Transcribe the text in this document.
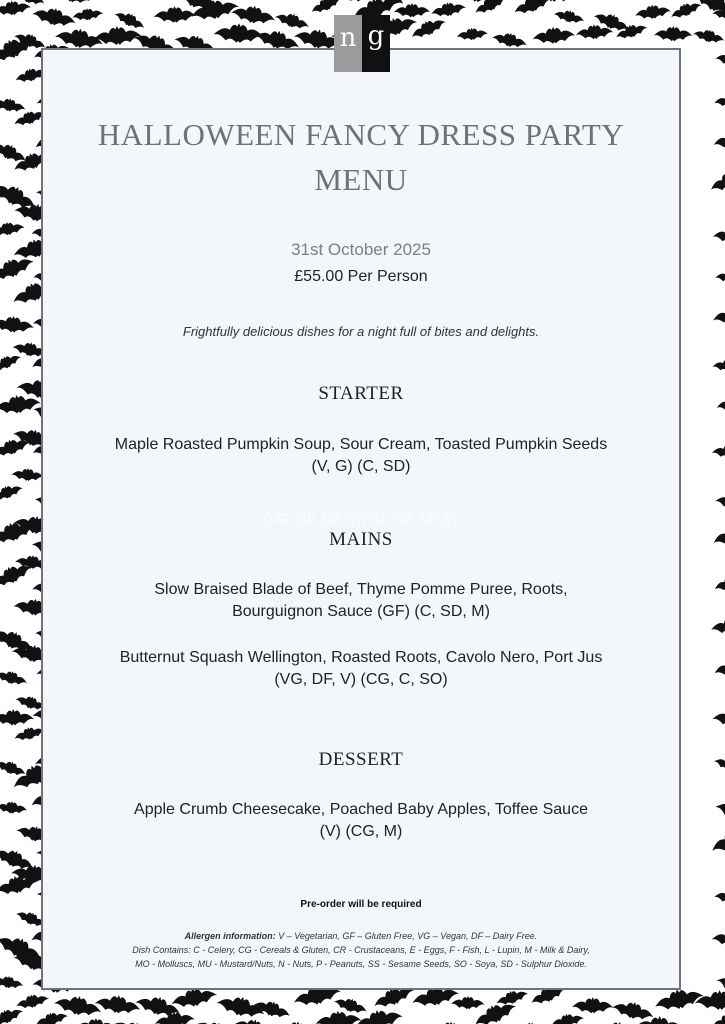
n g
HALLOWEEN FANCY DRESS PARTY
MENU
31st October 2025
£55.00 Per Person
Frightfully delicious dishes for a night full of bites and delights.
STARTER
Maple Roasted Pumpkin Soup, Sour Cream, Toasted Pumpkin Seeds
(V, G) (C, SD)
(VG, GF, DF, V)(VG, GF, DF, V)
MAINS
Slow Braised Blade of Beef, Thyme Pomme Puree, Roots,
Bourguignon Sauce (GF) (C, SD, M)
Butternut Squash Wellington, Roasted Roots, Cavolo Nero, Port Jus
(VG, DF, V) (CG, C, SO)
DESSERT
Apple Crumb Cheesecake, Poached Baby Apples, Toffee Sauce
(V) (CG, M)
Pre-order will be required
Allergen information: V – Vegetarian, GF – Gluten Free, VG – Vegan, DF – Dairy Free.
Dish Contains: C - Celery, CG - Cereals & Gluten, CR - Crustaceans, E - Eggs, F - Fish, L - Lupin, M - Milk & Dairy,
MO - Molluscs, MU - Mustard/Nuts, N - Nuts, P - Peanuts, SS - Sesame Seeds, SO - Soya, SD - Sulphur Dioxide.
